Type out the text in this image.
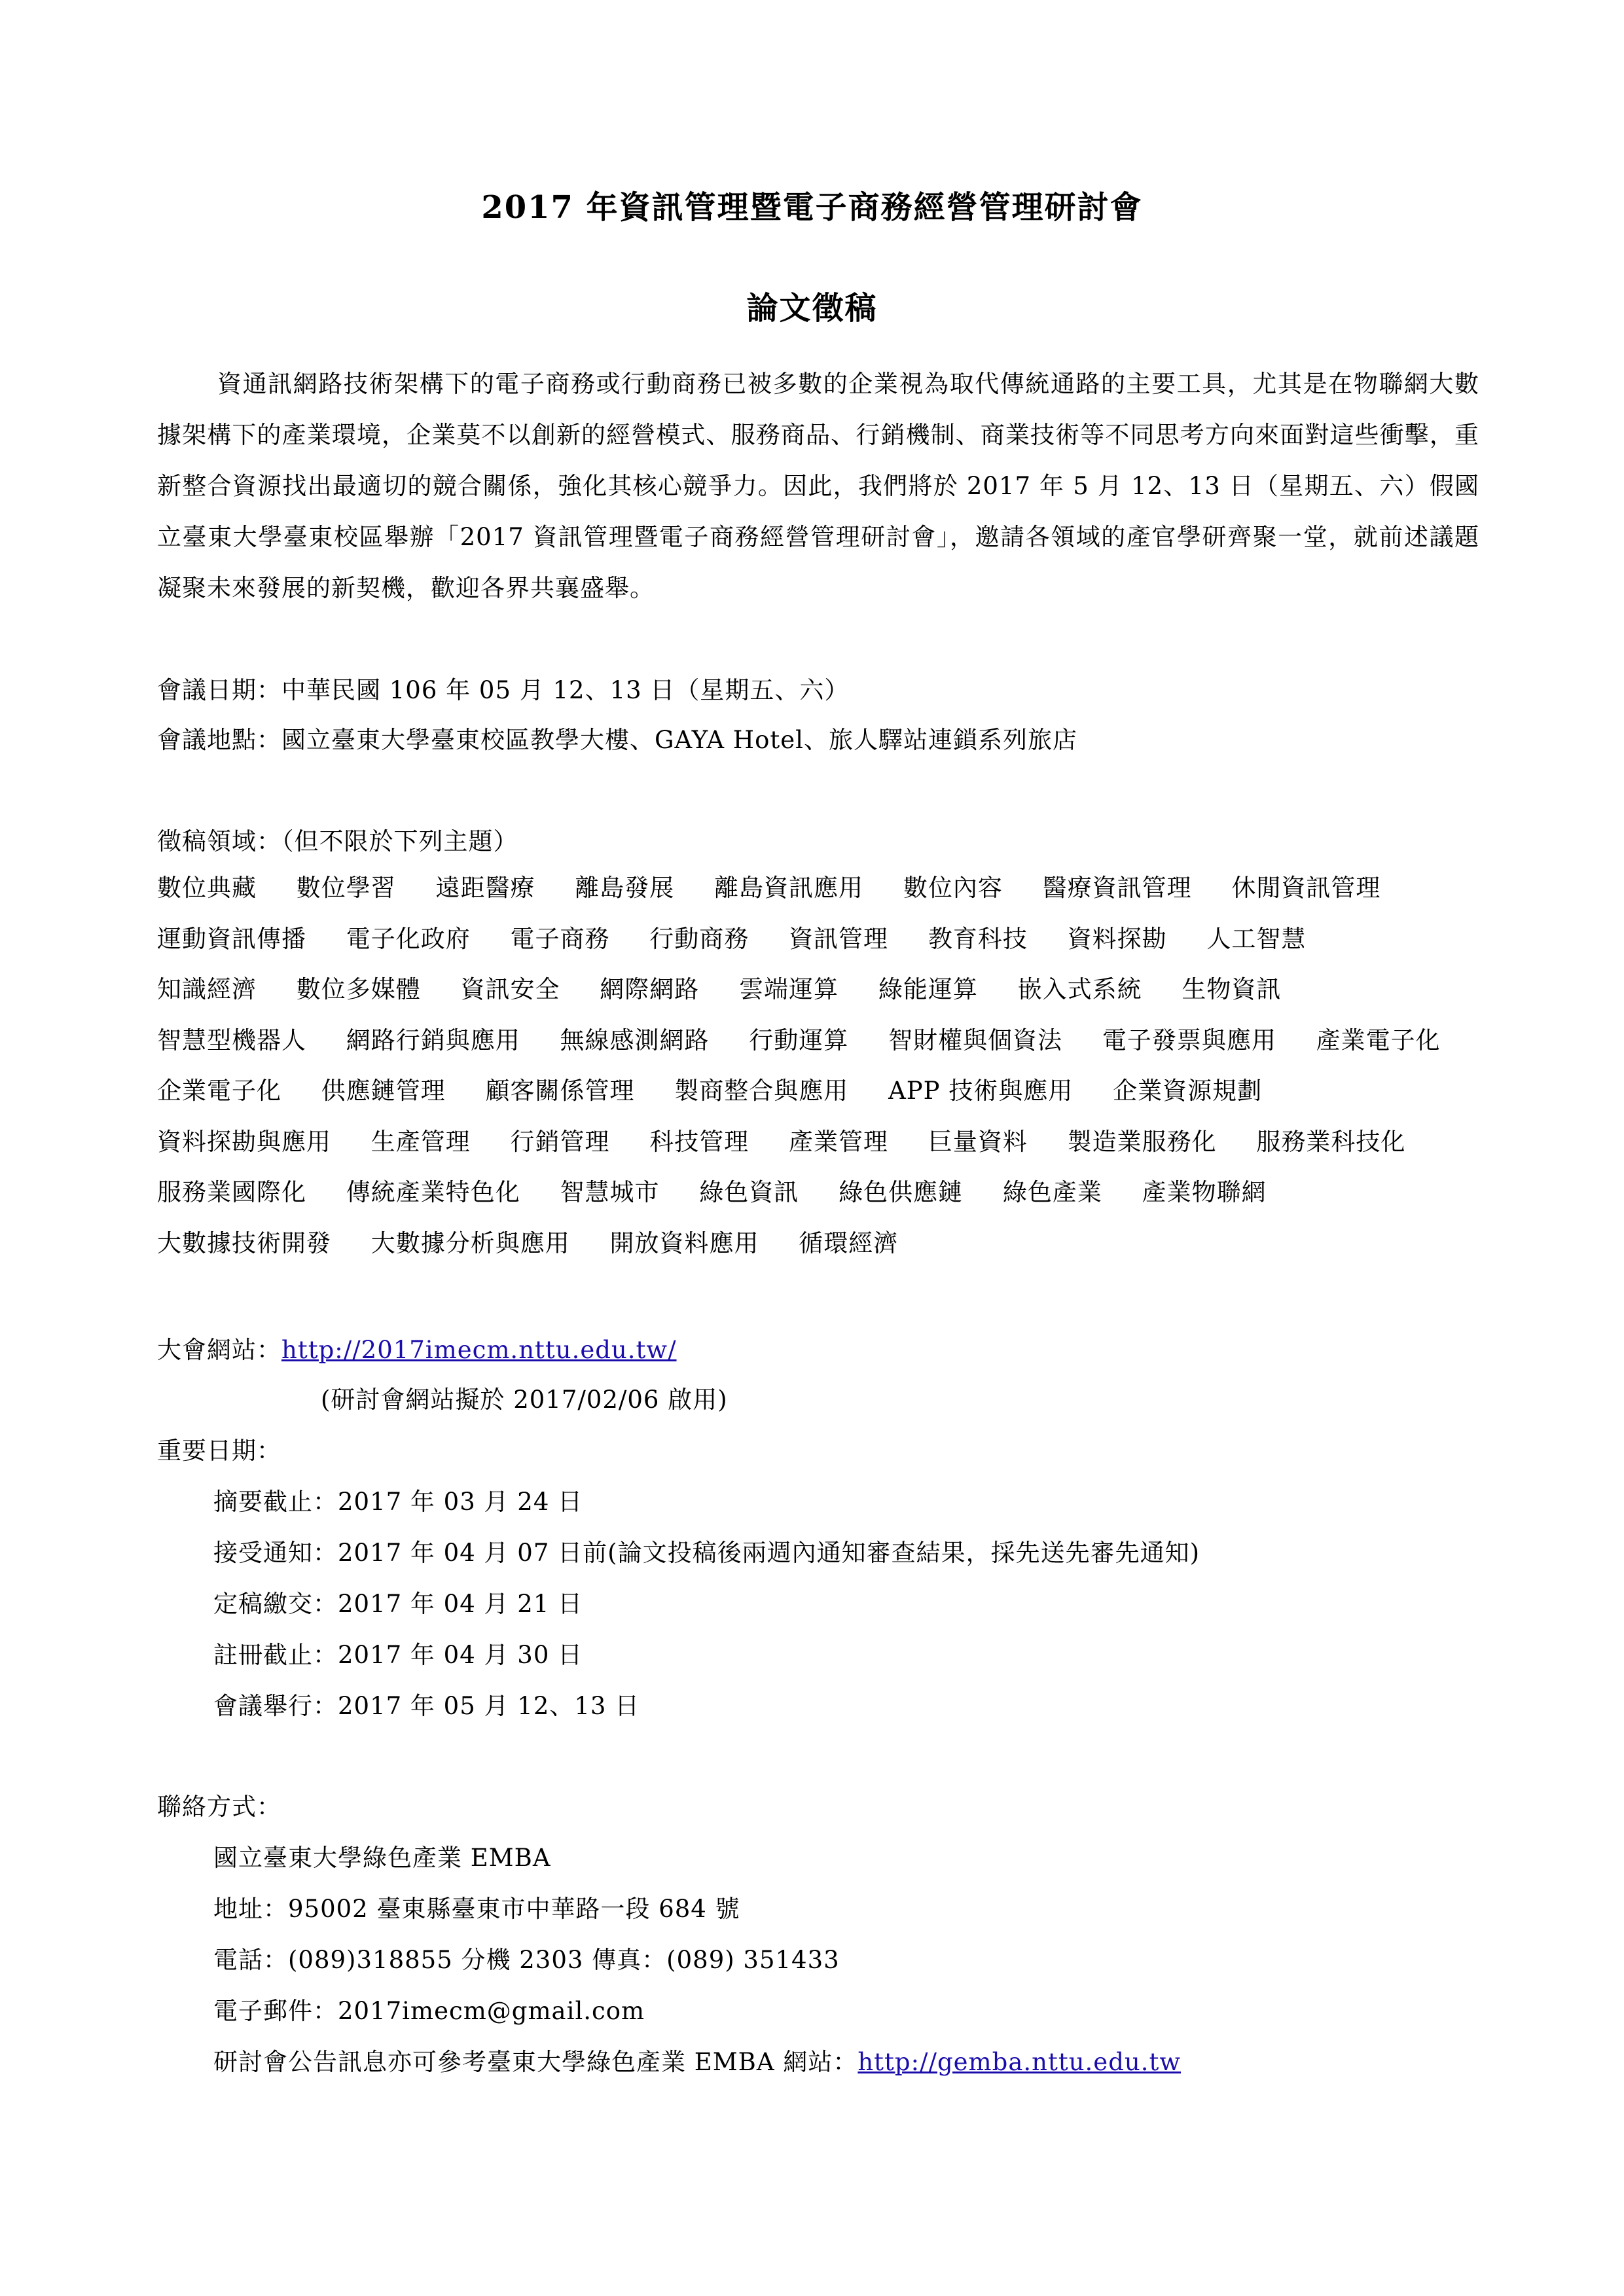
2017 年資訊管理暨電子商務經營管理研討會
論文徵稿
資通訊網路技術架構下的電子商務或行動商務已被多數的企業視為取代傳統通路的主要工具，尤其是在物聯網大數據架構下的產業環境，企業莫不以創新的經營模式、服務商品、行銷機制、商業技術等不同思考方向來面對這些衝擊，重新整合資源找出最適切的競合關係，強化其核心競爭力。因此，我們將於 2017 年 5 月 12、13 日（星期五、六）假國立臺東大學臺東校區舉辦「2017 資訊管理暨電子商務經營管理研討會」，邀請各領域的產官學研齊聚一堂，就前述議題凝聚未來發展的新契機，歡迎各界共襄盛舉。
會議日期：中華民國 106 年 05 月 12、13 日（星期五、六）
會議地點：國立臺東大學臺東校區教學大樓、GAYA Hotel、旅人驛站連鎖系列旅店
徵稿領域：（但不限於下列主題）
數位典藏 數位學習 遠距醫療 離島發展 離島資訊應用 數位內容 醫療資訊管理 休閒資訊管理 運動資訊傳播 電子化政府 電子商務 行動商務 資訊管理 教育科技 資料探勘 人工智慧 知識經濟 數位多媒體 資訊安全 網際網路 雲端運算 綠能運算 嵌入式系統 生物資訊 智慧型機器人 網路行銷與應用 無線感測網路 行動運算 智財權與個資法 電子發票與應用 產業電子化 企業電子化 供應鏈管理 顧客關係管理 製商整合與應用 APP 技術與應用 企業資源規劃 資料探勘與應用 生產管理 行銷管理 科技管理 產業管理 巨量資料 製造業服務化 服務業科技化 服務業國際化 傳統產業特色化 智慧城市 綠色資訊 綠色供應鏈 綠色產業 產業物聯網 大數據技術開發 大數據分析與應用 開放資料應用 循環經濟
大會網站：http://2017imecm.nttu.edu.tw/
(研討會網站擬於 2017/02/06 啟用)
重要日期：
摘要截止：2017 年 03 月 24 日
接受通知：2017 年 04 月 07 日前(論文投稿後兩週內通知審查結果，採先送先審先通知)
定稿繳交：2017 年 04 月 21 日
註冊截止：2017 年 04 月 30 日
會議舉行：2017 年 05 月 12、13 日
聯絡方式：
國立臺東大學綠色產業 EMBA
地址：95002 臺東縣臺東市中華路一段 684 號
電話：(089)318855 分機 2303 傳真：(089) 351433
電子郵件：2017imecm@gmail.com
研討會公告訊息亦可參考臺東大學綠色產業 EMBA 網站：http://gemba.nttu.edu.tw
